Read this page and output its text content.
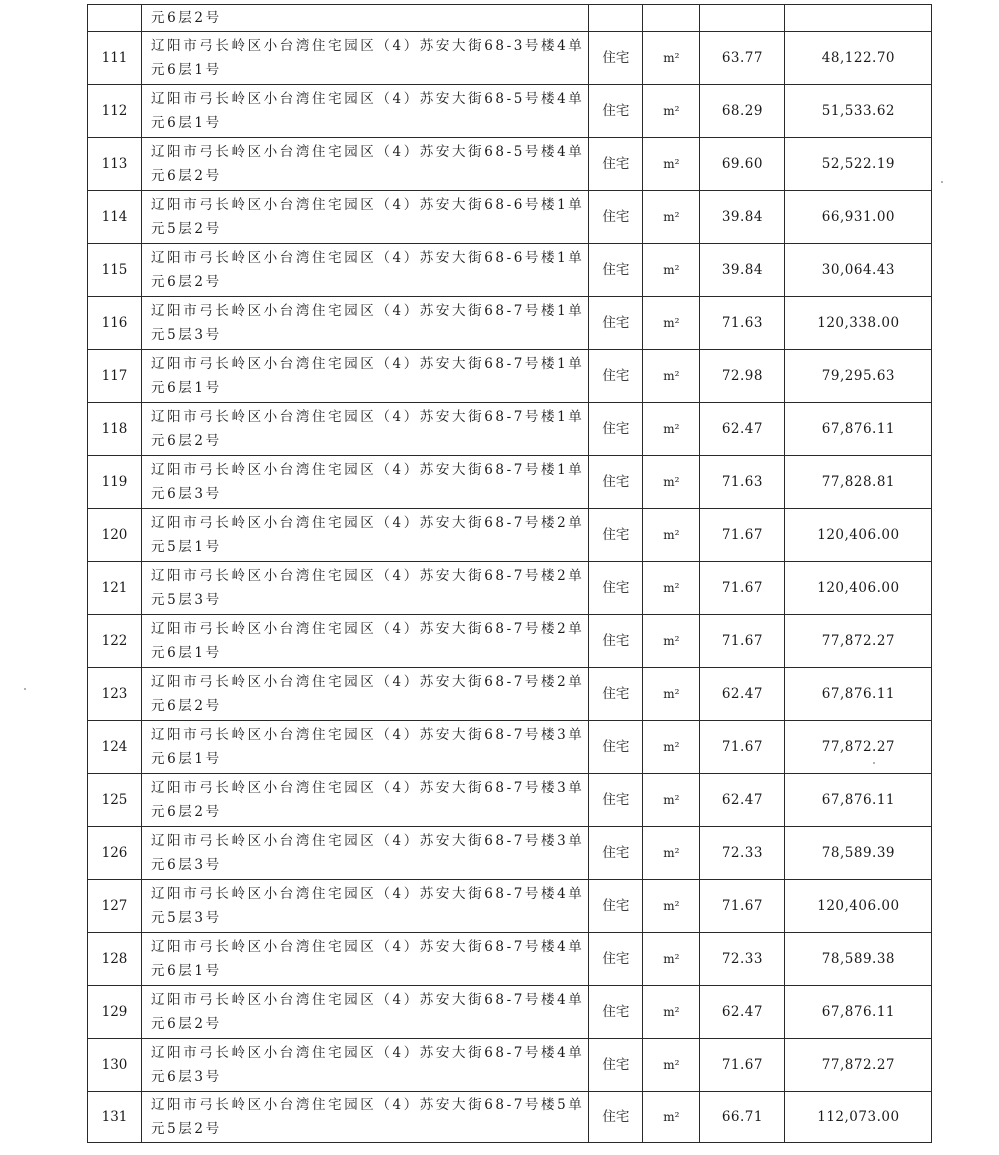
	元6层2号				

111	辽阳市弓长岭区小台湾住宅园区（4）苏安大街68-3号楼4单
元6层1号	住宅	m²	63.77	48,122.70
112	辽阳市弓长岭区小台湾住宅园区（4）苏安大街68-5号楼4单
元6层1号	住宅	m²	68.29	51,533.62
113	辽阳市弓长岭区小台湾住宅园区（4）苏安大街68-5号楼4单
元6层2号	住宅	m²	69.60	52,522.19
114	辽阳市弓长岭区小台湾住宅园区（4）苏安大街68-6号楼1单
元5层2号	住宅	m²	39.84	66,931.00
115	辽阳市弓长岭区小台湾住宅园区（4）苏安大街68-6号楼1单
元6层2号	住宅	m²	39.84	30,064.43
116	辽阳市弓长岭区小台湾住宅园区（4）苏安大街68-7号楼1单
元5层3号	住宅	m²	71.63	120,338.00
117	辽阳市弓长岭区小台湾住宅园区（4）苏安大街68-7号楼1单
元6层1号	住宅	m²	72.98	79,295.63
118	辽阳市弓长岭区小台湾住宅园区（4）苏安大街68-7号楼1单
元6层2号	住宅	m²	62.47	67,876.11
119	辽阳市弓长岭区小台湾住宅园区（4）苏安大街68-7号楼1单
元6层3号	住宅	m²	71.63	77,828.81
120	辽阳市弓长岭区小台湾住宅园区（4）苏安大街68-7号楼2单
元5层1号	住宅	m²	71.67	120,406.00
121	辽阳市弓长岭区小台湾住宅园区（4）苏安大街68-7号楼2单
元5层3号	住宅	m²	71.67	120,406.00
122	辽阳市弓长岭区小台湾住宅园区（4）苏安大街68-7号楼2单
元6层1号	住宅	m²	71.67	77,872.27
123	辽阳市弓长岭区小台湾住宅园区（4）苏安大街68-7号楼2单
元6层2号	住宅	m²	62.47	67,876.11
124	辽阳市弓长岭区小台湾住宅园区（4）苏安大街68-7号楼3单
元6层1号	住宅	m²	71.67	77,872.27
125	辽阳市弓长岭区小台湾住宅园区（4）苏安大街68-7号楼3单
元6层2号	住宅	m²	62.47	67,876.11
126	辽阳市弓长岭区小台湾住宅园区（4）苏安大街68-7号楼3单
元6层3号	住宅	m²	72.33	78,589.39
127	辽阳市弓长岭区小台湾住宅园区（4）苏安大街68-7号楼4单
元5层3号	住宅	m²	71.67	120,406.00
128	辽阳市弓长岭区小台湾住宅园区（4）苏安大街68-7号楼4单
元6层1号	住宅	m²	72.33	78,589.38
129	辽阳市弓长岭区小台湾住宅园区（4）苏安大街68-7号楼4单
元6层2号	住宅	m²	62.47	67,876.11
130	辽阳市弓长岭区小台湾住宅园区（4）苏安大街68-7号楼4单
元6层3号	住宅	m²	71.67	77,872.27
131	辽阳市弓长岭区小台湾住宅园区（4）苏安大街68-7号楼5单
元5层2号	住宅	m²	66.71	112,073.00
